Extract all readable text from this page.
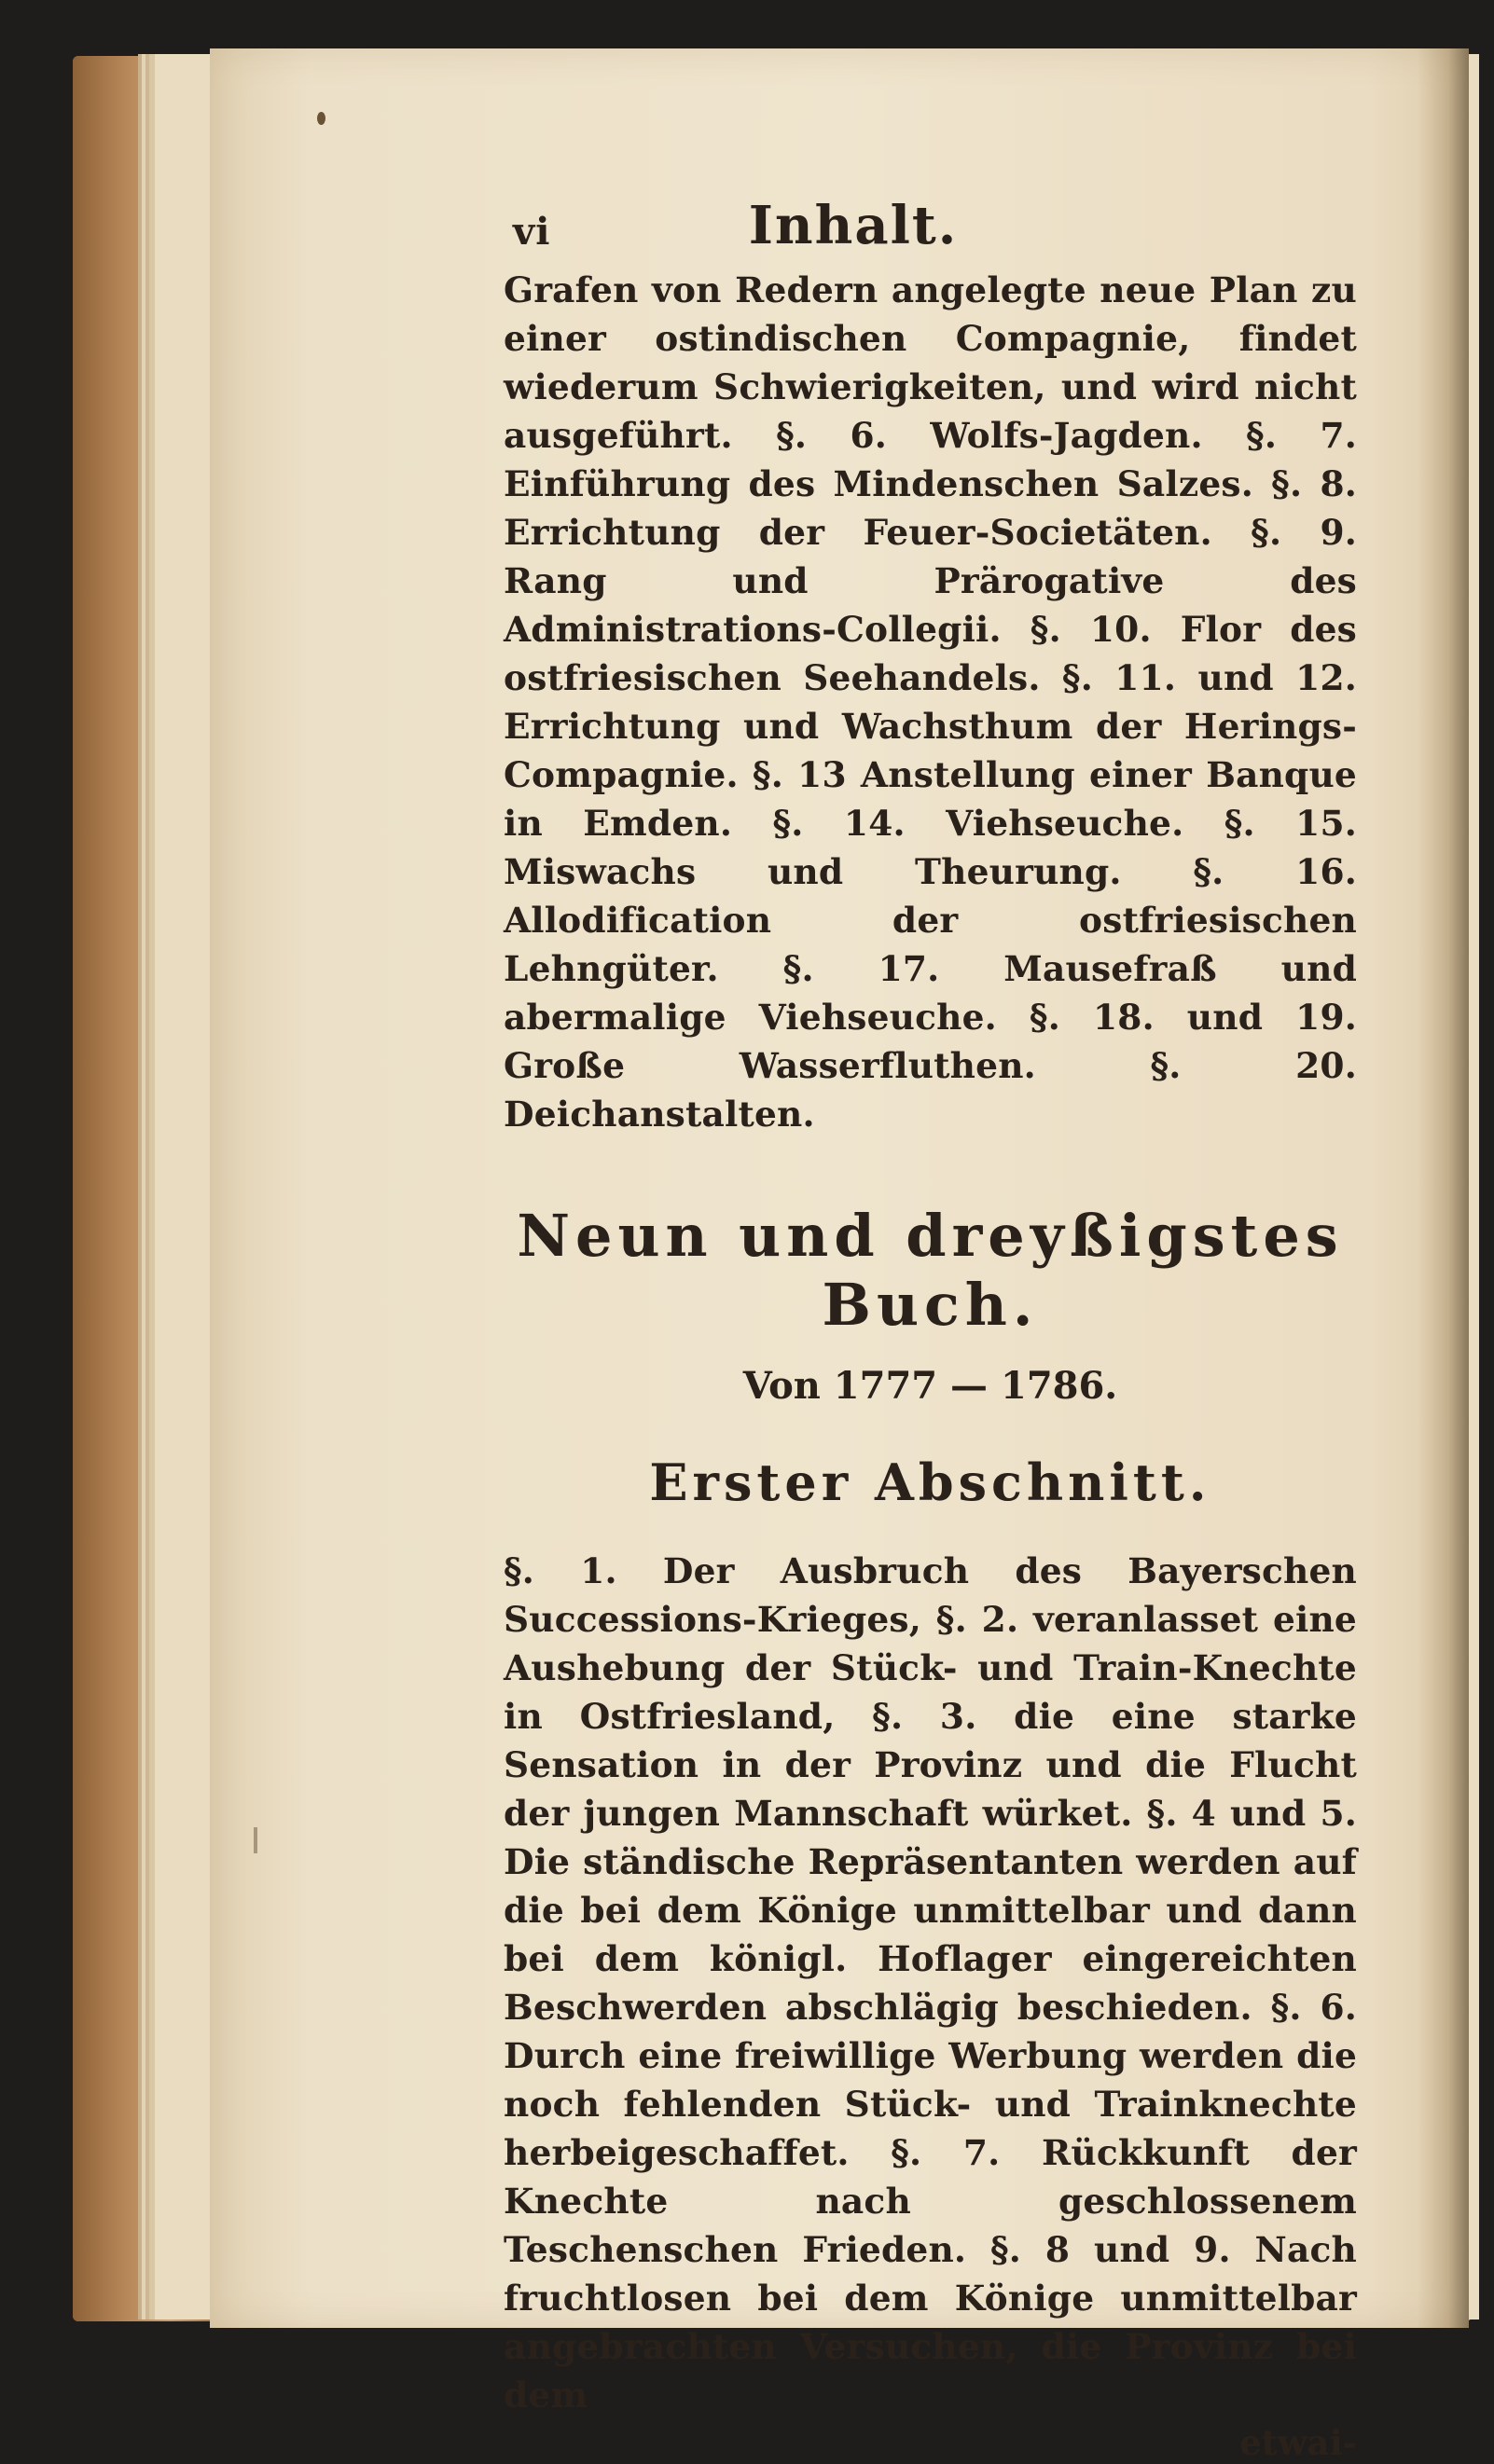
vi	Inhalt.

Grafen von Redern angelegte neue Plan zu einer ostindischen Compagnie, findet wiederum Schwierigkeiten, und wird nicht ausgeführt. §. 6. Wolfs-Jagden. §. 7. Einführung des Mindenschen Salzes. §. 8. Errichtung der Feuer-Societäten. §. 9. Rang und Prärogative des Administrations-Collegii. §. 10. Flor des ostfriesischen Seehandels. §. 11. und 12. Errichtung und Wachsthum der Herings-Compagnie. §. 13 Anstellung einer Banque in Emden. §. 14. Viehseuche. §. 15. Miswachs und Theurung. §. 16. Allodification der ostfriesischen Lehngüter. §. 17. Mausefraß und abermalige Viehseuche. §. 18. und 19. Große Wasserfluthen. §. 20. Deichanstalten.

Neun und dreyßigstes Buch.
Von 1777 — 1786.
Erster Abschnitt.

§. 1. Der Ausbruch des Bayerschen Successions-Krieges, §. 2. veranlasset eine Aushebung der Stück- und Train-Knechte in Ostfriesland, §. 3. die eine starke Sensation in der Provinz und die Flucht der jungen Mannschaft würket. §. 4 und 5. Die ständische Repräsentanten werden auf die bei dem Könige unmittelbar und dann bei dem königl. Hoflager eingereichten Beschwerden abschlägig beschieden. §. 6. Durch eine freiwillige Werbung werden die noch fehlenden Stück- und Trainknechte herbeigeschaffet. §. 7. Rückkunft der Knechte nach geschlossenem Teschenschen Frieden. §. 8 und 9. Nach fruchtlosen bei dem Könige unmittelbar angebrachten Versuchen, die Provinz bei dem

etwai-
